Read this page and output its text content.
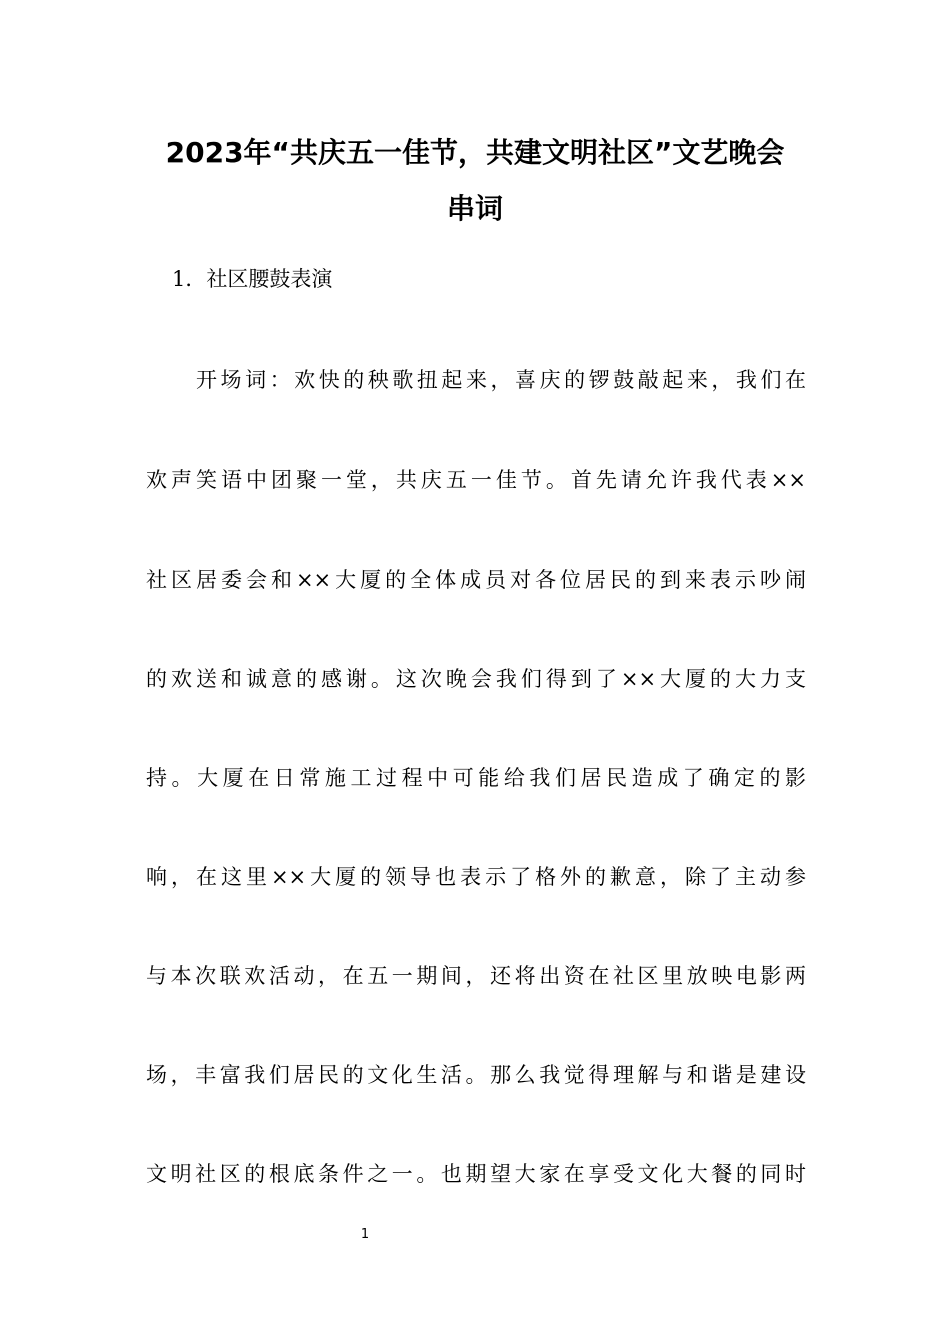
2023年“共庆五一佳节，共建文明社区”文艺晚会
串词
1．社区腰鼓表演
开场词：欢快的秧歌扭起来，喜庆的锣鼓敲起来，我们在
欢声笑语中团聚一堂，共庆五一佳节。首先请允许我代表××
社区居委会和××大厦的全体成员对各位居民的到来表示吵闹
的欢送和诚意的感谢。这次晚会我们得到了××大厦的大力支
持。大厦在日常施工过程中可能给我们居民造成了确定的影
响，在这里××大厦的领导也表示了格外的歉意，除了主动参
与本次联欢活动，在五一期间，还将出资在社区里放映电影两
场，丰富我们居民的文化生活。那么我觉得理解与和谐是建设
文明社区的根底条件之一。也期望大家在享受文化大餐的同时
1
